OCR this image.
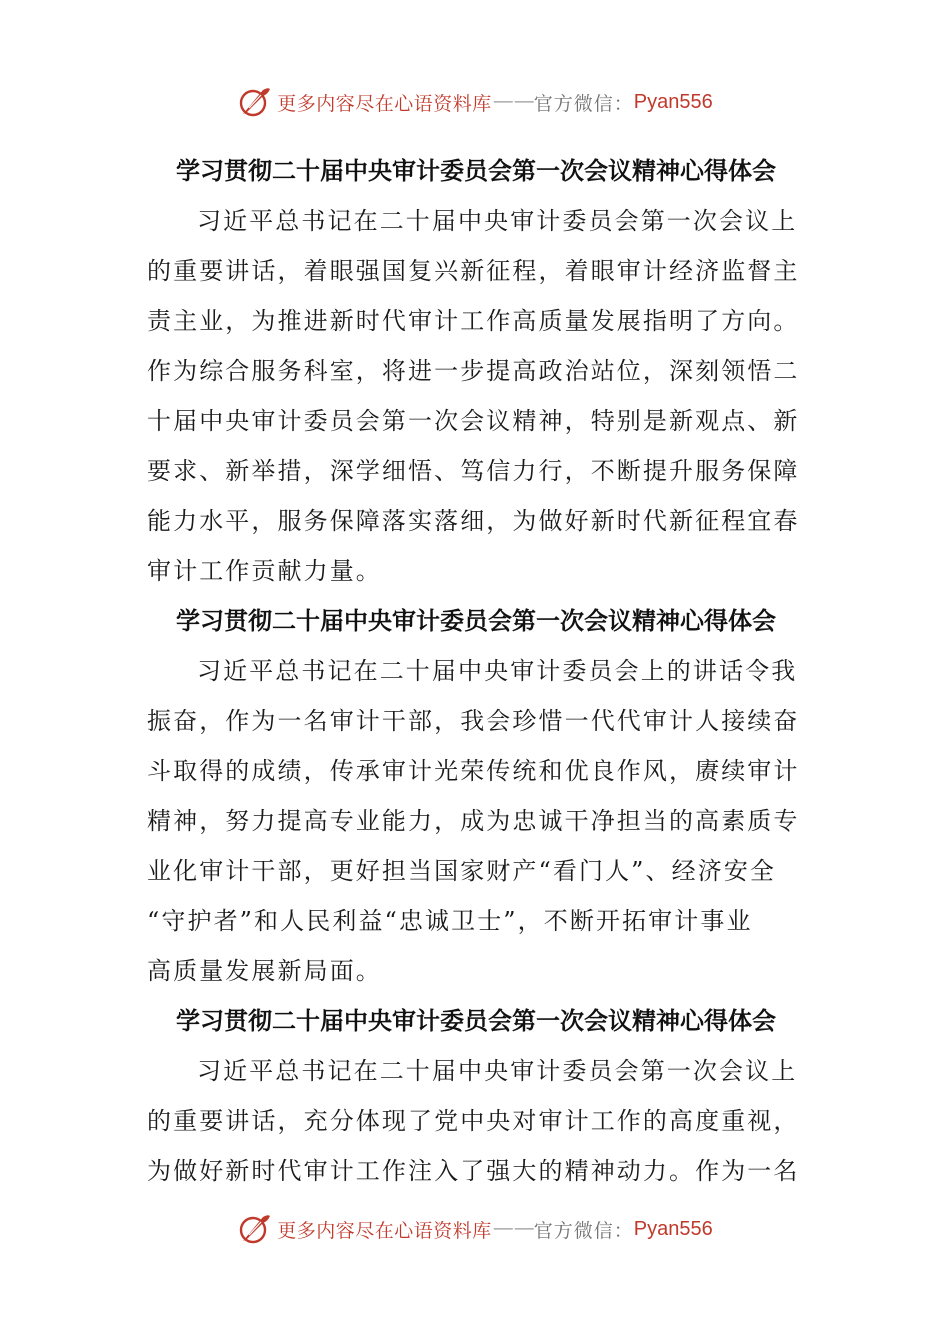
更多内容尽在心语资料库 — — 官方微信： Pyan556
学习贯彻二十届中央审计委员会第一次会议精神心得体会
习近平总书记在二十届中央审计委员会第一次会议上
的重要讲话，着眼强国复兴新征程，着眼审计经济监督主
责主业，为推进新时代审计工作高质量发展指明了方向。
作为综合服务科室，将进一步提高政治站位，深刻领悟二
十届中央审计委员会第一次会议精神，特别是新观点、新
要求、新举措，深学细悟、笃信力行，不断提升服务保障
能力水平，服务保障落实落细，为做好新时代新征程宜春
审计工作贡献力量。
学习贯彻二十届中央审计委员会第一次会议精神心得体会
习近平总书记在二十届中央审计委员会上的讲话令我
振奋，作为一名审计干部，我会珍惜一代代审计人接续奋
斗取得的成绩，传承审计光荣传统和优良作风，赓续审计
精神，努力提高专业能力，成为忠诚干净担当的高素质专
业化审计干部，更好担当国家财产“看门人”、经济安全
“守护者”和人民利益“忠诚卫士”，不断开拓审计事业
高质量发展新局面。
学习贯彻二十届中央审计委员会第一次会议精神心得体会
习近平总书记在二十届中央审计委员会第一次会议上
的重要讲话，充分体现了党中央对审计工作的高度重视，
为做好新时代审计工作注入了强大的精神动力。作为一名
更多内容尽在心语资料库 — — 官方微信： Pyan556
